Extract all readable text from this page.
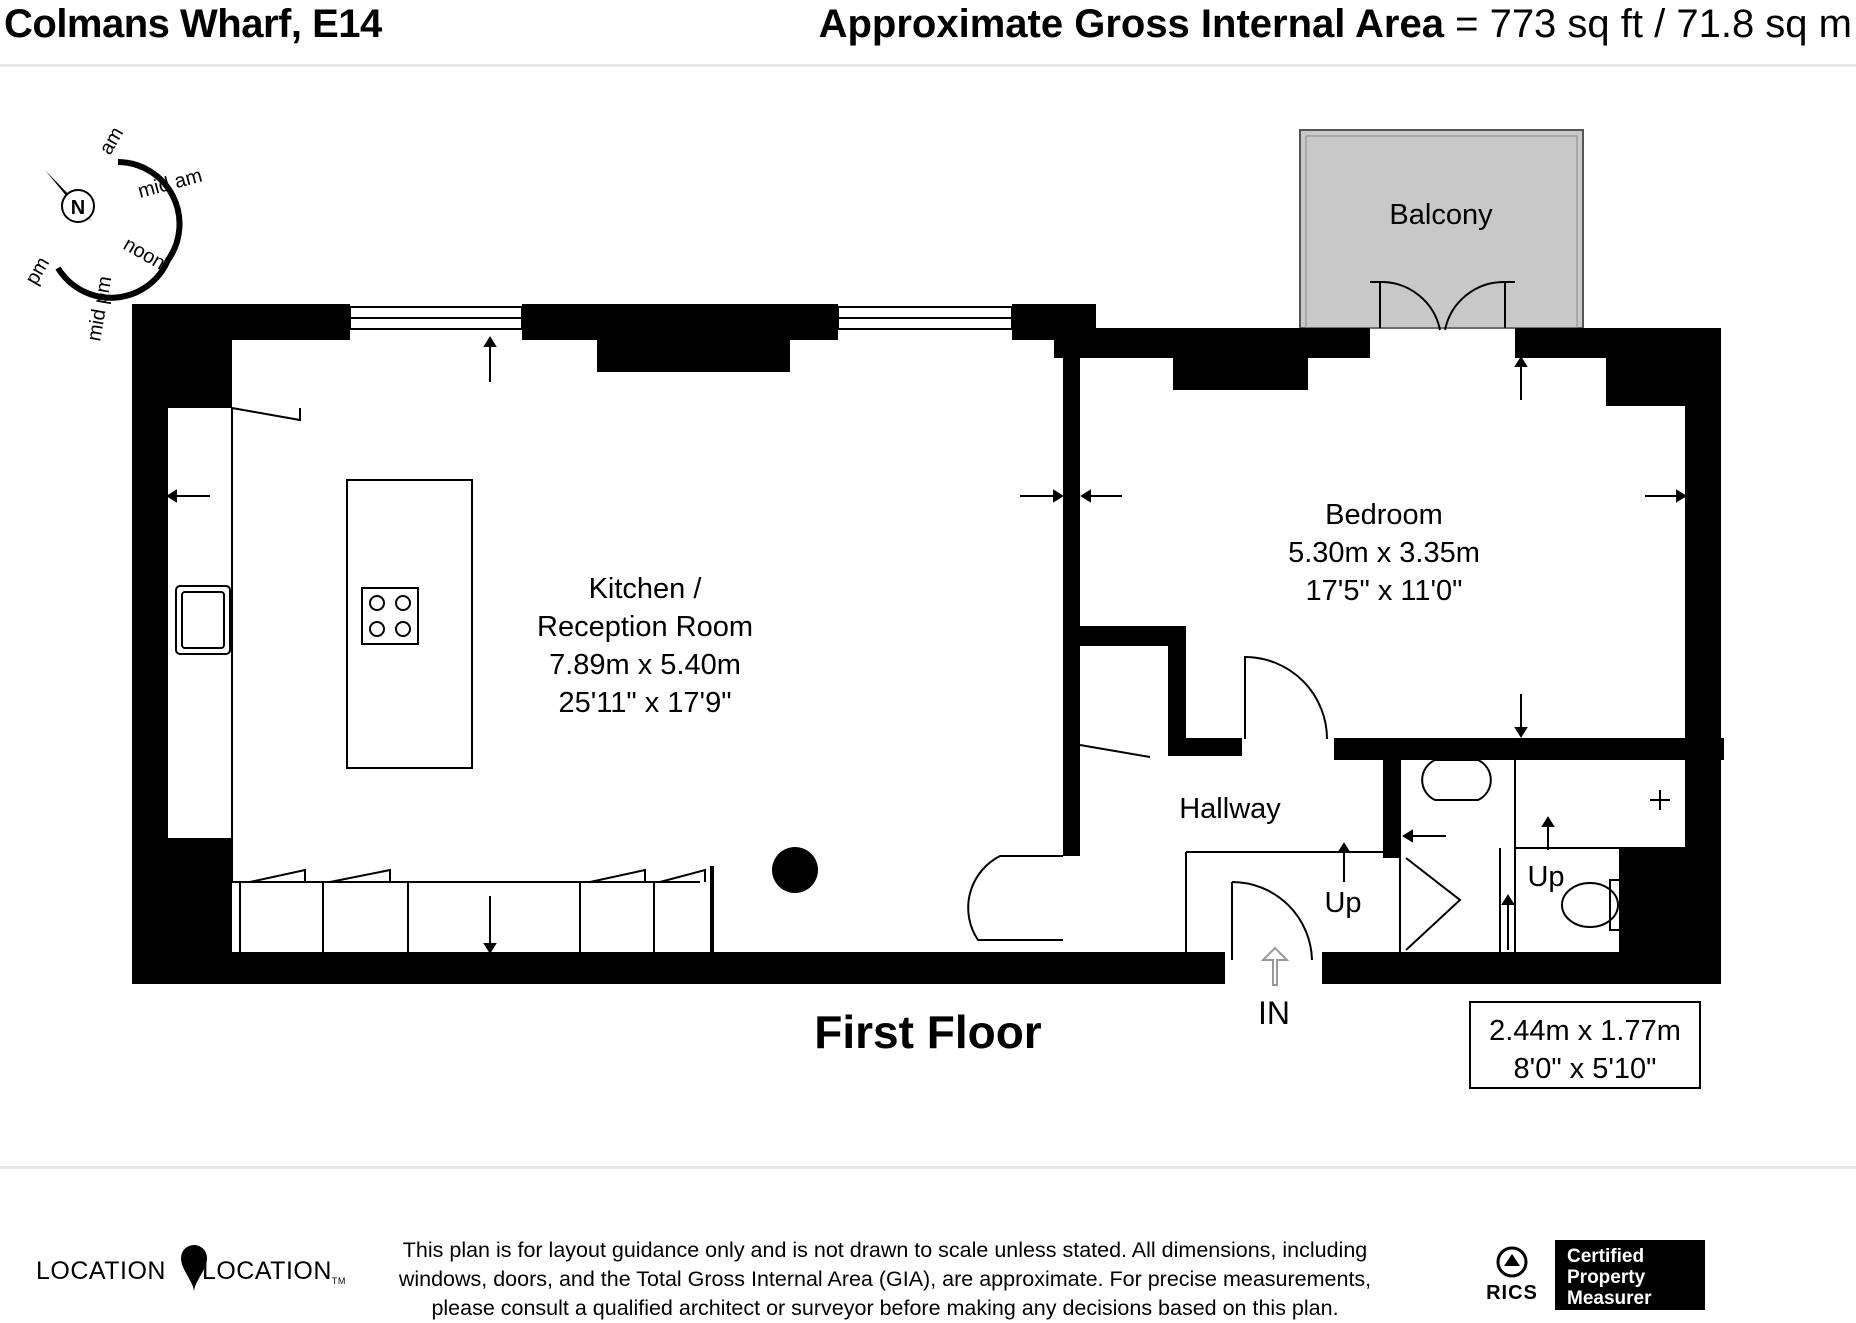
Colmans Wharf, E14	Approximate Gross Internal Area = 773 sq ft / 71.8 sq m
Balcony
N
am
mid am
noon
mid pm
pm
Kitchen /
Reception Room
7.89m x 5.40m
25'11" x 17'9"
Bedroom
5.30m x 3.35m
17'5" x 11'0"
Hallway
Up
Up
IN
First Floor	2.44m x 1.77m
8'0" x 5'10"
LOCATION LOCATIONTM
This plan is for layout guidance only and is not drawn to scale unless stated. All dimensions, including windows, doors, and the Total Gross Internal Area (GIA), are approximate. For precise measurements, please consult a qualified architect or surveyor before making any decisions based on this plan.
RICS
Certified
Property
Measurer
